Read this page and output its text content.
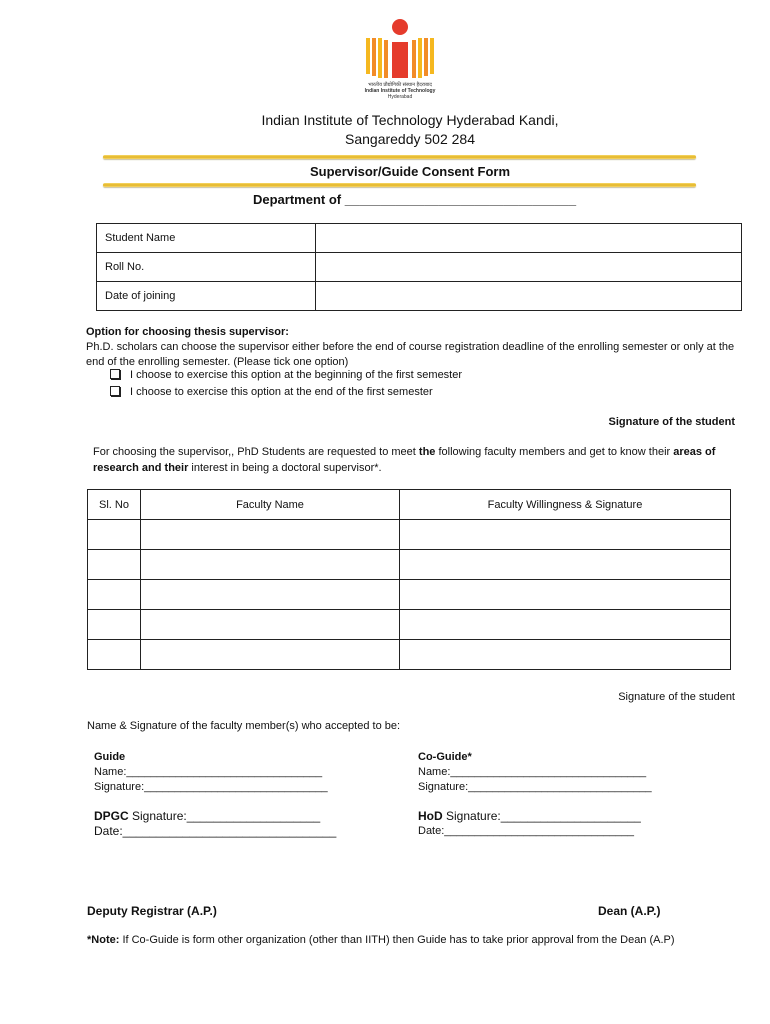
भारतीय प्रौद्योगिकी संस्थान हैदराबाद
Indian Institute of Technology
Hyderabad
Indian Institute of Technology Hyderabad Kandi,
Sangareddy 502 284
Supervisor/Guide Consent Form
Department of ________________________________
Student Name	
Roll No.	
Date of joining	
Option for choosing thesis supervisor:
Ph.D. scholars can choose the supervisor either before the end of course registration deadline of the enrolling semester or only at the end of the enrolling semester. (Please tick one option)
I choose to exercise this option at the beginning of the first semester
I choose to exercise this option at the end of the first semester
Signature of the student
For choosing the supervisor,, PhD Students are requested to meet the following faculty members and get to know their areas of research and their interest in being a doctoral supervisor*.
Sl. No	Faculty Name	Faculty Willingness & Signature

Signature of the student
Name & Signature of the faculty member(s) who accepted to be:
Guide
Name:________________________________
Signature:______________________________
Co-Guide*
Name:________________________________
Signature:______________________________
DPGC Signature:____________________
Date:________________________________
HoD Signature:_____________________
Date:_______________________________
Deputy Registrar (A.P.)	Dean (A.P.)
*Note: If Co-Guide is form other organization (other than IITH) then Guide has to take prior approval from the Dean (A.P)
